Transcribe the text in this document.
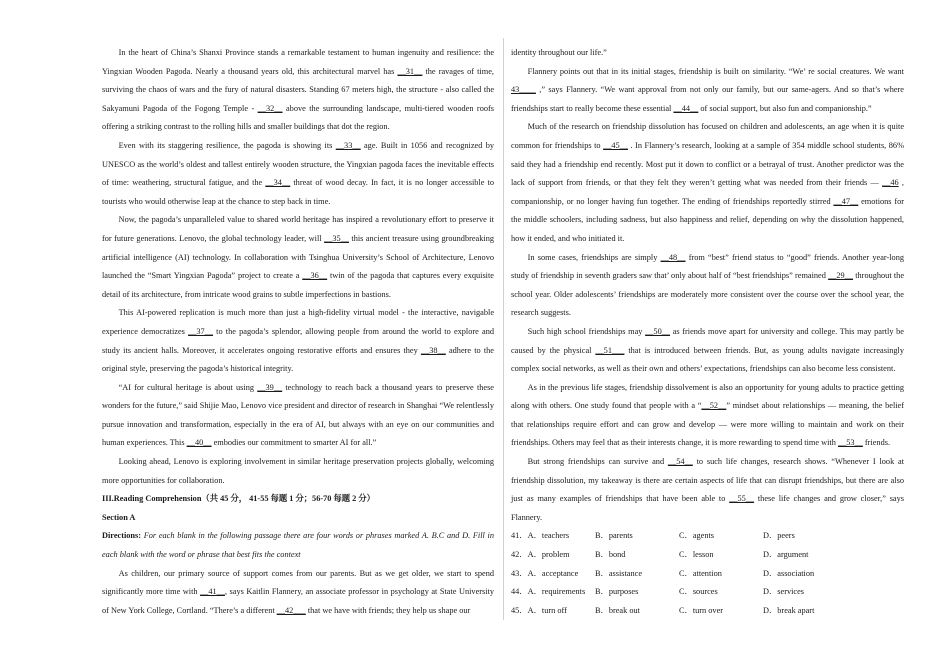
In the heart of China’s Shanxi Province stands a remarkable testament to human ingenuity and resilience: the Yingxian Wooden Pagoda. Nearly a thousand years old, this architectural marvel has __31__ the ravages of time, surviving the chaos of wars and the fury of natural disasters. Standing 67 meters high, the structure - also called the Sakyamuni Pagoda of the Fogong Temple - __32__ above the surrounding landscape, multi-tiered wooden roofs offering a striking contrast to the rolling hills and smaller buildings that dot the region.

Even with its staggering resilience, the pagoda is showing its __33__ age. Built in 1056 and recognized by UNESCO as the world’s oldest and tallest entirely wooden structure, the Yingxian pagoda faces the inevitable effects of time: weathering, structural fatigue, and the __34__ threat of wood decay. In fact, it is no longer accessible to tourists who would otherwise leap at the chance to step back in time.

Now, the pagoda’s unparalleled value to shared world heritage has inspired a revolutionary effort to preserve it for future generations. Lenovo, the global technology leader, will __35__ this ancient treasure using groundbreaking artificial intelligence (AI) technology. In collaboration with Tsinghua University’s School of Architecture, Lenovo launched the “Smart Yingxian Pagoda” project to create a __36__ twin of the pagoda that captures every exquisite detail of its architecture, from intricate wood grains to subtle imperfections in bastions.

This AI-powered replication is much more than just a high-fidelity virtual model - the interactive, navigable experience democratizes __37__ to the pagoda’s splendor, allowing people from around the world to explore and study its ancient halls. Moreover, it accelerates ongoing restorative efforts and ensures they __38__ adhere to the original style, preserving the pagoda’s historical integrity.

“AI for cultural heritage is about using __39__ technology to reach back a thousand years to preserve these wonders for the future,” said Shijie Mao, Lenovo vice president and director of research in Shanghai “We relentlessly pursue innovation and transformation, especially in the era of AI, but always with an eye on our communities and human experiences. This __40__ embodies our commitment to smarter AI for all.”

Looking ahead, Lenovo is exploring involvement in similar heritage preservation projects globally, welcoming more opportunities for collaboration.

III.Reading Comprehension（共 45 分， 41-55 每题 1 分；56-70 每题 2 分）

Section A

Directions: For each blank in the following passage there are four words or phrases marked A. B.C and D. Fill in each blank with the word or phrase that best fits the context

As children, our primary source of support comes from our parents. But as we get older, we start to spend significantly more time with __41__, says Kaitlin Flannery, an associate professor in psychology at State University of New York College, Cortland. “There’s a different __42___ that we have with friends; they help us shape our

identity throughout our life.”

Flannery points out that in its initial stages, friendship is built on similarity. “We’ re social creatures. We want 43____ ,” says Flannery. “We want approval from not only our family, but our same-agers. And so that’s where friendships start to really become these essential __44__ of social support, but also fun and companionship.”

Much of the research on friendship dissolution has focused on children and adolescents, an age when it is quite common for friendships to __45__ . In Flannery’s research, looking at a sample of 354 middle school students, 86% said they had a friendship end recently. Most put it down to conflict or a betrayal of trust. Another predictor was the lack of support from friends, or that they felt they weren’t getting what was needed from their friends — __46 , companionship, or no longer having fun together. The ending of friendships reportedly stirred __47__ emotions for the middle schoolers, including sadness, but also happiness and relief, depending on why the dissolution happened, how it ended, and who initiated it.

In some cases, friendships are simply __48__ from “best” friend status to “good” friends. Another year-long study of friendship in seventh graders saw that’ only about half of “best friendships” remained __29__ throughout the school year. Older adolescents’ friendships are moderately more consistent over the course over the school year, the research suggests.

Such high school friendships may __50__ as friends move apart for university and college. This may partly be caused by the physical __51___ that is introduced between friends. But, as young adults navigate increasingly complex social networks, as well as their own and others’ expectations, friendships can also become less consistent.

As in the previous life stages, friendship dissolvement is also an opportunity for young adults to practice getting along with others. One study found that people with a “__52__” mindset about relationships — meaning, the belief that relationships require effort and can grow and develop — were more willing to maintain and work on their friendships. Others may feel that as their interests change, it is more rewarding to spend time with __53__ friends.

But strong friendships can survive and __54__ to such life changes, research shows. “Whenever I look at friendship dissolution, my takeaway is there are certain aspects of life that can disrupt friendships, but there are also just as many examples of friendships that have been able to __55__ these life changes and grow closer,” says Flannery.

41．A．teachers	B．parents	C．agents	D．peers
42．A．problem	B．bond	C．lesson	D．argument
43．A．acceptance	B．assistance	C．attention	D．association
44．A．requirements	B．purposes	C．sources	D．services
45．A．turn off	B．break out	C．turn over	D．break apart
